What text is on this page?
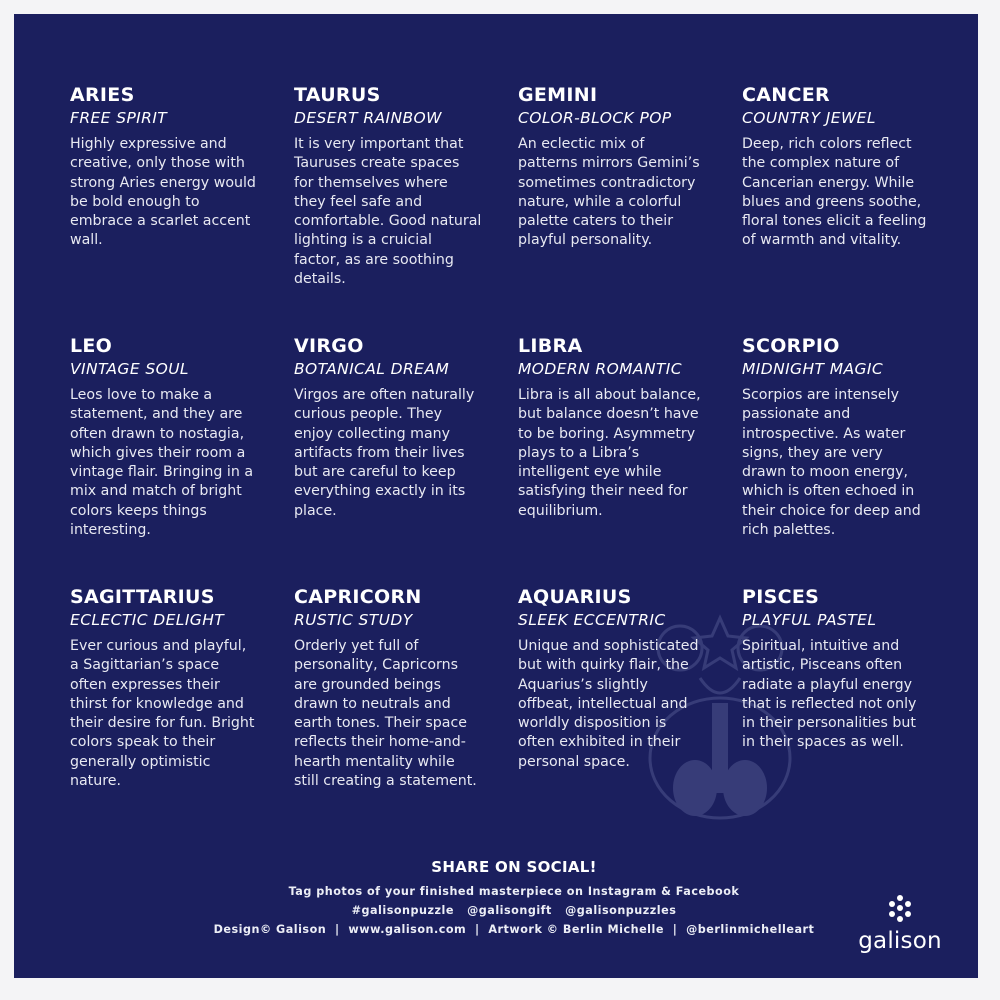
ARIES
FREE SPIRIT

Highly expressive and creative, only those with strong Aries energy would be bold enough to embrace a scarlet accent wall.

TAURUS
DESERT RAINBOW

It is very important that Tauruses create spaces for themselves where they feel safe and comfortable. Good natural lighting is a cruicial factor, as are soothing details.

GEMINI
COLOR-BLOCK POP

An eclectic mix of patterns mirrors Gemini’s sometimes contradictory nature, while a colorful palette caters to their playful personality.

CANCER
COUNTRY JEWEL

Deep, rich colors reflect the complex nature of Cancerian energy. While blues and greens soothe, floral tones elicit a feeling of warmth and vitality.

LEO
VINTAGE SOUL

Leos love to make a statement, and they are often drawn to nostagia, which gives their room a vintage flair. Bringing in a mix and match of bright colors keeps things interesting.

VIRGO
BOTANICAL DREAM

Virgos are often naturally curious people. They enjoy collecting many artifacts from their lives but are careful to keep everything exactly in its place.

LIBRA
MODERN ROMANTIC

Libra is all about balance, but balance doesn’t have to be boring. Asymmetry plays to a Libra’s intelligent eye while satisfying their need for equilibrium.

SCORPIO
MIDNIGHT MAGIC

Scorpios are intensely passionate and introspective. As water signs, they are very drawn to moon energy, which is often echoed in their choice for deep and rich palettes.

SAGITTARIUS
ECLECTIC DELIGHT

Ever curious and playful, a Sagittarian’s space often expresses their thirst for knowledge and their desire for fun. Bright colors speak to their generally optimistic nature.

CAPRICORN
RUSTIC STUDY

Orderly yet full of personality, Capricorns are grounded beings drawn to neutrals and earth tones. Their space reflects their home-and-hearth mentality while still creating a statement.

AQUARIUS
SLEEK ECCENTRIC

Unique and sophisticated but with quirky flair, the Aquarius’s slightly offbeat, intellectual and worldly disposition is often exhibited in their personal space.

PISCES
PLAYFUL PASTEL

Spiritual, intuitive and artistic, Pisceans often radiate a playful energy that is reflected not only in their personalities but in their spaces as well.

SHARE ON SOCIAL!
Tag photos of your finished masterpiece on Instagram & Facebook
#galisonpuzzle   @galisongift   @galisonpuzzles
Design© Galison  |  www.galison.com  |  Artwork © Berlin Michelle  |  @berlinmichelleart	galison
